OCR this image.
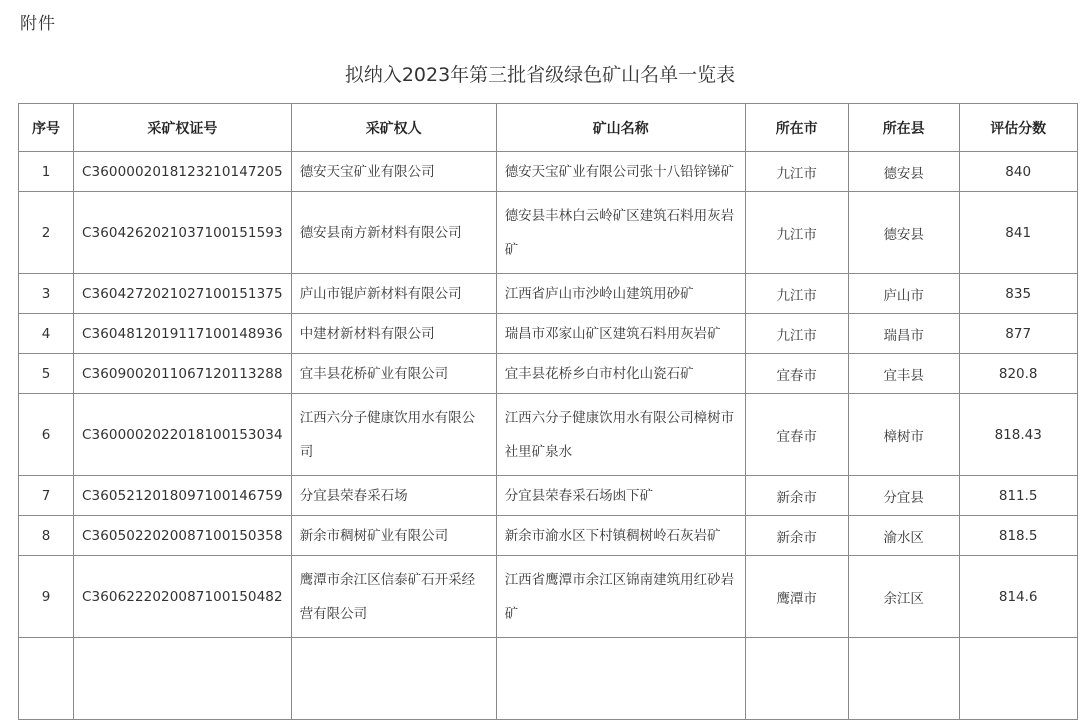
附件
拟纳入2023年第三批省级绿色矿山名单一览表
序号	采矿权证号	采矿权人	矿山名称	所在市	所在县	评估分数
1	C3600002018123210147205	德安天宝矿业有限公司	德安天宝矿业有限公司张十八铅锌锑矿	九江市	德安县	840
2	C3604262021037100151593	德安县南方新材料有限公司	德安县丰林白云岭矿区建筑石料用灰岩矿	九江市	德安县	841
3	C3604272021027100151375	庐山市锟庐新材料有限公司	江西省庐山市沙岭山建筑用砂矿	九江市	庐山市	835
4	C3604812019117100148936	中建材新材料有限公司	瑞昌市邓家山矿区建筑石料用灰岩矿	九江市	瑞昌市	877
5	C3609002011067120113288	宜丰县花桥矿业有限公司	宜丰县花桥乡白市村化山瓷石矿	宜春市	宜丰县	820.8
6	C3600002022018100153034	江西六分子健康饮用水有限公司	江西六分子健康饮用水有限公司樟树市社里矿泉水	宜春市	樟树市	818.43
7	C3605212018097100146759	分宜县荣春采石场	分宜县荣春采石场凼下矿	新余市	分宜县	811.5
8	C3605022020087100150358	新余市稠树矿业有限公司	新余市渝水区下村镇稠树岭石灰岩矿	新余市	渝水区	818.5
9	C3606222020087100150482	鹰潭市余江区信泰矿石开采经营有限公司	江西省鹰潭市余江区锦南建筑用红砂岩矿	鹰潭市	余江区	814.6
